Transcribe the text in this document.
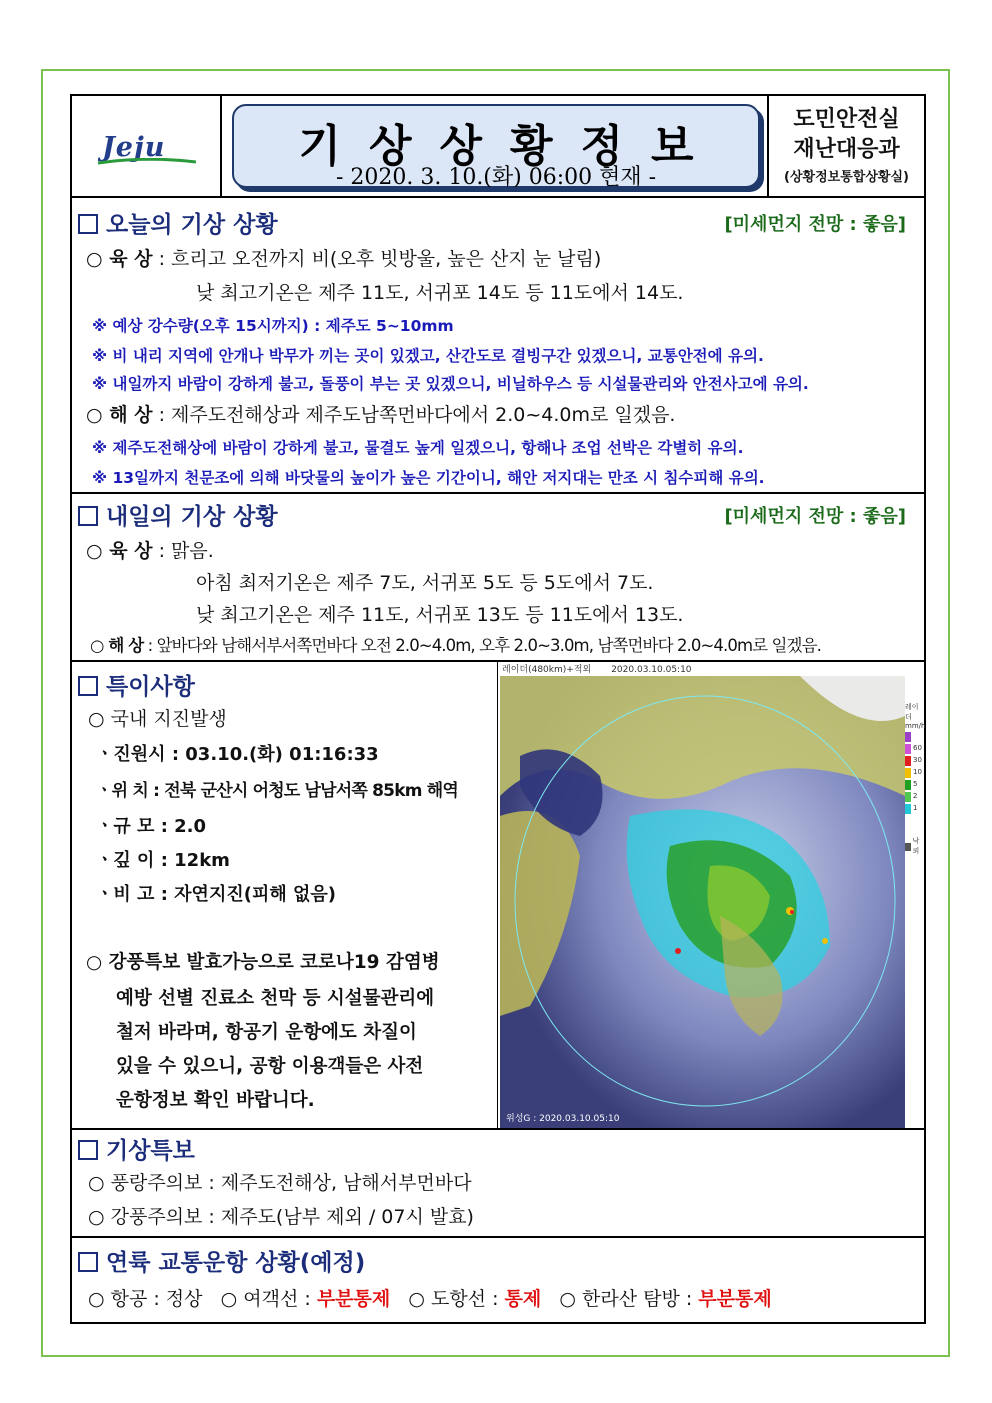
Jeju	기상상황정보
- 2020. 3. 10.(화) 06:00 현재 -
도민안전실
재난대응과
(상황정보통합상황실)
오늘의 기상 상황	[미세먼지 전망 : 좋음]
○ 육 상 : 흐리고 오전까지 비(오후 빗방울, 높은 산지 눈 날림)
낮 최고기온은 제주 11도, 서귀포 14도 등 11도에서 14도.
※ 예상 강수량(오후 15시까지) : 제주도 5~10mm
※ 비 내리 지역에 안개나 박무가 끼는 곳이 있겠고, 산간도로 결빙구간 있겠으니, 교통안전에 유의.
※ 내일까지 바람이 강하게 불고, 돌풍이 부는 곳 있겠으니, 비닐하우스 등 시설물관리와 안전사고에 유의.
○ 해 상 : 제주도전해상과 제주도남쪽먼바다에서 2.0~4.0m로 일겠음.
※ 제주도전해상에 바람이 강하게 불고, 물결도 높게 일겠으니, 항해나 조업 선박은 각별히 유의.
※ 13일까지 천문조에 의해 바닷물의 높이가 높은 기간이니, 해안 저지대는 만조 시 침수피해 유의.
내일의 기상 상황	[미세먼지 전망 : 좋음]
○ 육 상 : 맑음.
아침 최저기온은 제주 7도, 서귀포 5도 등 5도에서 7도.
낮 최고기온은 제주 11도, 서귀포 13도 등 11도에서 13도.
○ 해 상 : 앞바다와 남해서부서쪽먼바다 오전 2.0~4.0m, 오후 2.0~3.0m, 남쪽먼바다 2.0~4.0m로 일겠음.
특이사항
○ 국내 지진발생
ㆍ진원시 : 03.10.(화) 01:16:33
ㆍ위 치 : 전북 군산시 어청도 남남서쪽 85km 해역
ㆍ규 모 : 2.0
ㆍ깊 이 : 12km
ㆍ비 고 : 자연지진(피해 없음)
○ 강풍특보 발효가능으로 코로나19 감염병
예방 선별 진료소 천막 등 시설물관리에
철저 바라며, 항공기 운항에도 차질이
있을 수 있으니, 공항 이용객들은 사전
운항정보 확인 바랍니다.
레이더(480km)+적외 2020.03.10.05:10
위성G : 2020.03.10.05:10
레이더
mm/h
60
30
10
5
2
1
낙뢰
기상특보
○ 풍랑주의보 : 제주도전해상, 남해서부먼바다
○ 강풍주의보 : 제주도(남부 제외 / 07시 발효)
연륙 교통운항 상황(예정)
○ 항공 : 정상 ○ 여객선 : 부분통제 ○ 도항선 : 통제 ○ 한라산 탐방 : 부분통제
